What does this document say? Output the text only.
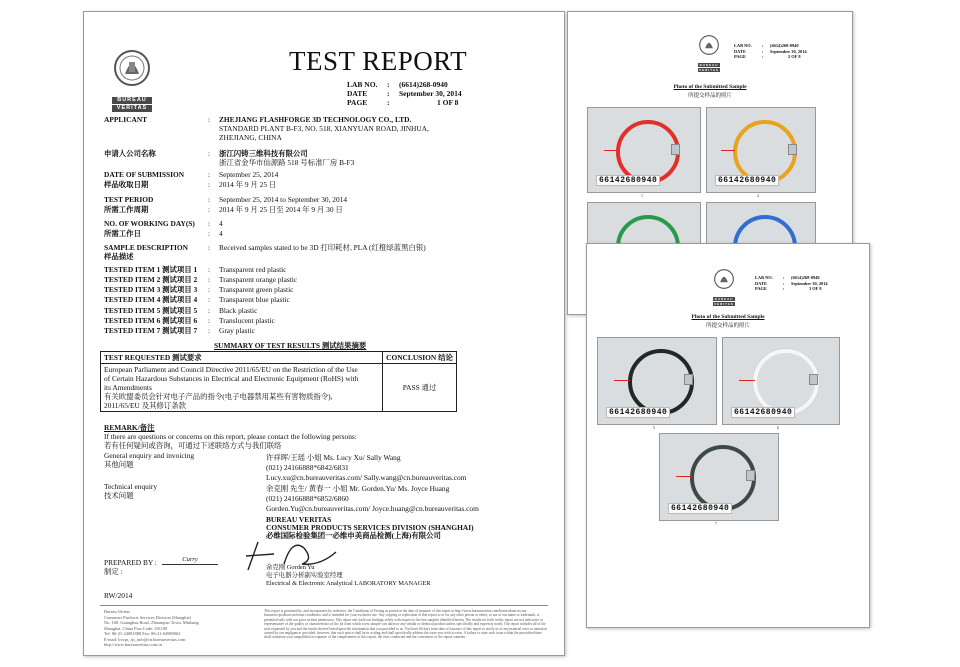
BUREAU
VERITAS
TEST REPORT
LAB NO.	:	(6614)268-0940
DATE	:	September 30, 2014
PAGE	:	1 OF 8
APPLICANT	: ZHEJIANG FLASHFORGE 3D TECHNOLOGY CO., LTD.
STANDARD PLANT B-F3, NO. 518, XIANYUAN ROAD, JINHUA,
ZHEJIANG, CHINA
申请人公司名称	: 浙江闪铸三维科技有限公司
浙江省金华市仙源路 518 号标准厂房 B-F3
DATE OF SUBMISSION	: September 25, 2014
样品收取日期	: 2014 年 9 月 25 日
TEST PERIOD	: September 25, 2014 to September 30, 2014
所需工作周期	: 2014 年 9 月 25 日至 2014 年 9 月 30 日
NO. OF WORKING DAY(S) : 4
所需工作日	: 4
SAMPLE DESCRIPTION	: Received samples stated to be 3D 打印耗材, PLA (红橙绿蓝黑白银)
样品描述
TESTED ITEM 1 测试项目 1 : Transparent red plastic
TESTED ITEM 2 测试项目 2 : Transparent orange plastic
TESTED ITEM 3 测试项目 3 : Transparent green plastic
TESTED ITEM 4 测试项目 4 : Transparent blue plastic
TESTED ITEM 5 测试项目 5 : Black plastic
TESTED ITEM 6 测试项目 6 : Translucent plastic
TESTED ITEM 7 测试项目 7 : Gray plastic
SUMMARY OF TEST RESULTS 测试结果摘要
TEST REQUESTED 测试要求	CONCLUSION 结论

European Parliament and Council Directive 2011/65/EU on the Restriction of the Use
of Certain Hazardous Substances in Electrical and Electronic Equipment (RoHS) with
its Amendments
有关欧盟委员会针对电子产品的指令(电子电器禁用某些有害物质指令),
2011/65/EU 及其修订条款	PASS 通过
REMARK/备注
If there are questions or concerns on this report, please contact the following persons:
若有任何疑问或咨询，可通过下述联络方式与我们联络
General enquiry and invoicing
其他问题
许祥晖/王瑶 小姐 Ms. Lucy Xu/ Sally Wang
(021) 24166888*6842/6831
Lucy.xu@cn.bureauveritas.com/ Sally.wang@cn.bureauveritas.com
Technical enquiry
技术问题
余克刚 先生/ 黄春一 小姐 Mr. Gorden.Yu/ Ms. Joyce Huang
(021) 24166888*6852/6860
Gorden.Yu@cn.bureauveritas.com/ Joyce.huang@cn.bureauveritas.com
BUREAU VERITAS
CONSUMER PRODUCTS SERVICES DIVISION (SHANGHAI)
必维国际检验集团一必维申美商品检测(上海)有限公司
PREPARED BY :
制定 :
Curry
余克刚 Gorden Yu
电子电器分析副实验室经理
Electrical & Electronic Analytical LABORATORY MANAGER
RW/2014
Bureau Veritas
Consumer Products Services Division (Shanghai)
No. 168, Guanghua Road, Zhuanqiao Town, Minhang
Shanghai, China Post Code: 201108
Tel: 86-21-24081888 Fax: 86-21-64980062
E-mail: bvcps_sh_info@cn.bureauveritas.com
http://www.bureauveritas.com.cn
This report is governed by, and incorporates by reference, the Conditions of Testing as posted at the date of issuance of this report at http://www.bureauveritas.com/home/about-us/our-business/cps/about-us/terms-conditions/ and is intended for your exclusive use. Any copying or replication of this report to or for any other person or entity, or use of our name or trademark, is permitted only with our prior written permission. This report sets forth our findings solely with respect to the test samples identified herein. The results set forth in this report are not indicative or representative of the quality or characteristics of the lot from which a test sample was taken or any similar or identical product unless specifically and expressly noted. Our report includes all of the tests requested by you and the results thereof based upon the information that you provided to us. You have 60 days from date of issuance of this report to notify us of any material error or omission caused by our negligence; provided, however, that such notice shall be in writing and shall specifically address the issue you wish to raise. A failure to raise such issue within the prescribed time shall constitute your unqualified acceptance of the completeness of this report, the tests conducted and the correctness of the report contents.
BUREAU
VERITAS
LAB NO.	:	(6614)268-0940
DATE	:	September 30, 2014
PAGE	:	2 OF 8
Photo of the Submitted Sample
所提交样品的照片
66142680940
1
66142680940
2
BUREAU
VERITAS
LAB NO.	:	(6614)268-0940
DATE	:	September 30, 2014
PAGE	:	3 OF 8
Photo of the Submitted Sample
所提交样品的照片
66142680940
5
66142680940
6
66142680940
7
